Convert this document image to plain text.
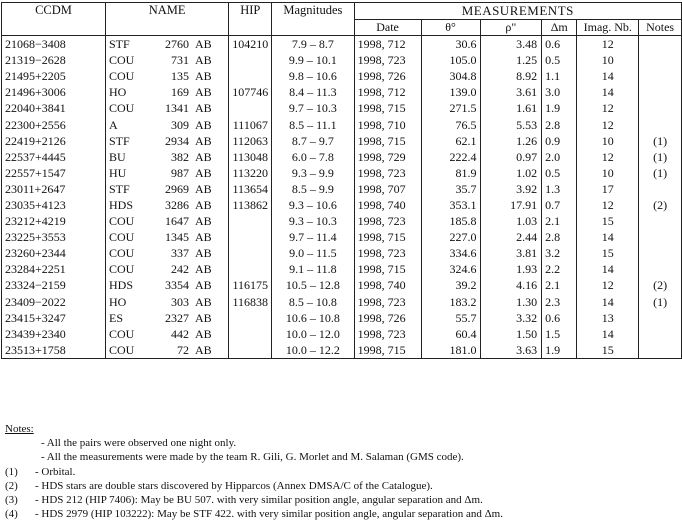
CCDM	NAME	HIP	Magnitudes	MEASUREMENTS					
				Date	θ°	ρ"	Δm	Imag. Nb.	Notes
21068−3408	STF 2760 AB	104210	7.9 – 8.7	1998, 712	30.6	3.48	0.6	12	
21319−2628	COU 731 AB		9.9 – 10.1	1998, 723	105.0	1.25	0.5	10	
21495+2205	COU 135 AB		9.8 – 10.6	1998, 726	304.8	8.92	1.1	14	
21496+3006	HO 169 AB	107746	8.4 – 11.3	1998, 712	139.0	3.61	3.0	14	
22040+3841	COU 1341 AB		9.7 – 10.3	1998, 715	271.5	1.61	1.9	12	
22300+2556	A 309 AB	111067	8.5 – 11.1	1998, 710	76.5	5.53	2.8	12	
22419+2126	STF 2934 AB	112063	8.7 – 9.7	1998, 715	62.1	1.26	0.9	10	(1)
22537+4445	BU 382 AB	113048	6.0 – 7.8	1998, 729	222.4	0.97	2.0	12	(1)
22557+1547	HU 987 AB	113220	9.3 – 9.9	1998, 723	81.9	1.02	0.5	10	(1)
23011+2647	STF 2969 AB	113654	8.5 – 9.9	1998, 707	35.7	3.92	1.3	17	
23035+4123	HDS 3286 AB	113862	9.3 – 10.6	1998, 740	353.1	17.91	0.7	12	(2)
23212+4219	COU 1647 AB		9.3 – 10.3	1998, 723	185.8	1.03	2.1	15	
23225+3553	COU 1345 AB		9.7 – 11.4	1998, 715	227.0	2.44	2.8	14	
23260+2344	COU 337 AB		9.0 – 11.5	1998, 723	334.6	3.81	3.2	15	
23284+2251	COU 242 AB		9.1 – 11.8	1998, 715	324.6	1.93	2.2	14	
23324−2159	HDS 3354 AB	116175	10.5 – 12.8	1998, 740	39.2	4.16	2.1	12	(2)
23409−2022	HO 303 AB	116838	8.5 – 10.8	1998, 723	183.2	1.30	2.3	14	(1)
23415+3247	ES 2327 AB		10.6 – 10.8	1998, 726	55.7	3.32	0.6	13	
23439+2340	COU 442 AB		10.0 – 12.0	1998, 723	60.4	1.50	1.5	14	
23513+1758	COU 72 AB		10.0 – 12.2	1998, 715	181.0	3.63	1.9	15	
Notes:
- All the pairs were observed one night only.
- All the measurements were made by the team R. Gili, G. Morlet and M. Salaman (GMS code).
(1) - Orbital.
(2) - HDS stars are double stars discovered by Hipparcos (Annex DMSA/C of the Catalogue).
(3) - HDS 212 (HIP 7406): May be BU 507. with very similar position angle, angular separation and Δm.
(4) - HDS 2979 (HIP 103222): May be STF 422. with very similar position angle, angular separation and Δm.
